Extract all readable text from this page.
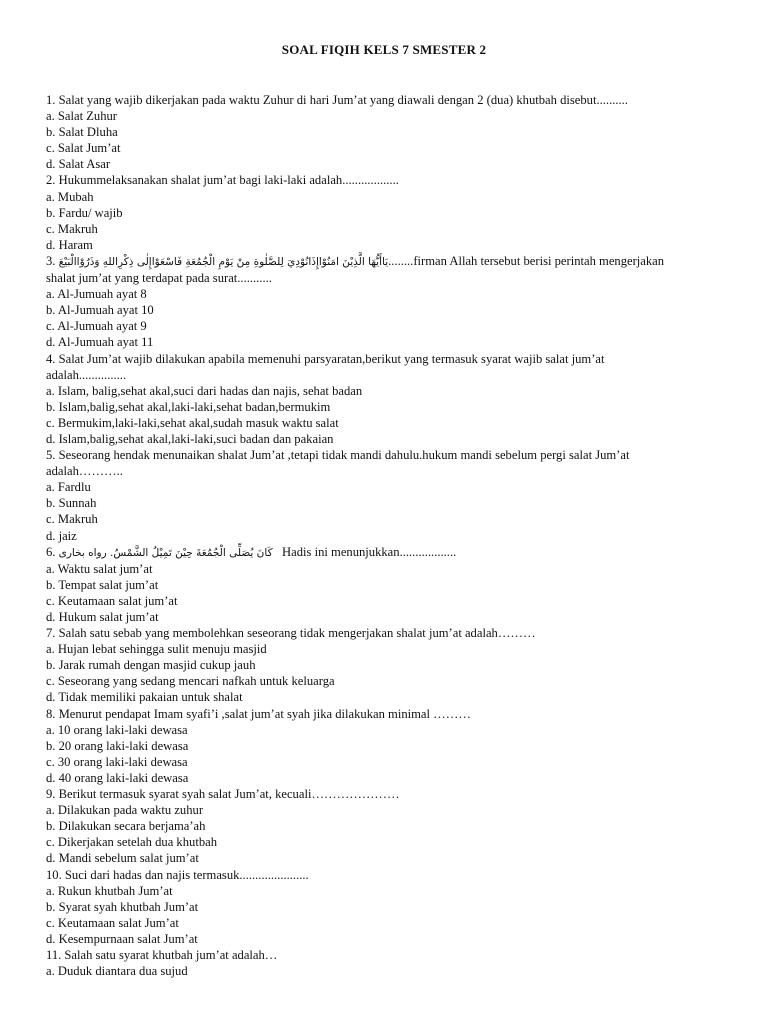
SOAL FIQIH KELS 7 SMESTER 2

1. Salat yang wajib dikerjakan pada waktu Zuhur di hari Jum’at yang diawali dengan 2 (dua) khutbah disebut..........

a. Salat Zuhur

b. Salat Dluha

c. Salat Jum’at

d. Salat Asar

2. Hukummelaksanakan shalat jum’at bagi laki-laki adalah..................

a. Mubah

b. Fardu/ wajib

c. Makruh

d. Haram

3. يَاأَيُّهَا الَّذِيْنَ امَنُوْاإِذَانُوْدِيَ لِلصَّلٰوةِ مِنْ يَوْمِ الْجُمُعَةِ فَاسْعَوْاإِلٰى ذِكْرِاللهِ وَذَرُوْاالْبَيْعَ........firman Allah tersebut berisi perintah mengerjakan

shalat jum’at yang terdapat pada surat...........

a. Al-Jumuah ayat 8

b. Al-Jumuah ayat 10

c. Al-Jumuah ayat 9

d. Al-Jumuah ayat 11

4. Salat Jum’at wajib dilakukan apabila memenuhi parsyaratan,berikut yang termasuk syarat wajib salat jum’at

adalah...............

a. Islam, balig,sehat akal,suci dari hadas dan najis, sehat badan

b. Islam,balig,sehat akal,laki-laki,sehat badan,bermukim

c. Bermukim,laki-laki,sehat akal,sudah masuk waktu salat

d. Islam,balig,sehat akal,laki-laki,suci badan dan pakaian

5. Seseorang hendak menunaikan shalat Jum’at ,tetapi tidak mandi dahulu.hukum mandi sebelum pergi salat Jum’at

adalah………..

a. Fardlu

b. Sunnah

c. Makruh

d. jaiz

6. كَانَ يُصَلِّى الْجُمُعَةَ حِيْنَ تَمِيْلُ الشَّمْسُ. رواه بخارى Hadis ini menunjukkan..................

a. Waktu salat jum’at

b. Tempat salat jum’at

c. Keutamaan salat jum’at

d. Hukum salat jum’at

7. Salah satu sebab yang membolehkan seseorang tidak mengerjakan shalat jum’at adalah………

a. Hujan lebat sehingga sulit menuju masjid

b. Jarak rumah dengan masjid cukup jauh

c. Seseorang yang sedang mencari nafkah untuk keluarga

d. Tidak memiliki pakaian untuk shalat

8. Menurut pendapat Imam syafi’i ,salat jum’at syah jika dilakukan minimal ………

a. 10 orang laki-laki dewasa

b. 20 orang laki-laki dewasa

c. 30 orang laki-laki dewasa

d. 40 orang laki-laki dewasa

9. Berikut termasuk syarat syah salat Jum’at, kecuali…………………

a. Dilakukan pada waktu zuhur

b. Dilakukan secara berjama’ah

c. Dikerjakan setelah dua khutbah

d. Mandi sebelum salat jum’at

10. Suci dari hadas dan najis termasuk......................

a. Rukun khutbah Jum’at

b. Syarat syah khutbah Jum’at

c. Keutamaan salat Jum’at

d. Kesempurnaan salat Jum’at

11. Salah satu syarat khutbah jum’at adalah…

a. Duduk diantara dua sujud
